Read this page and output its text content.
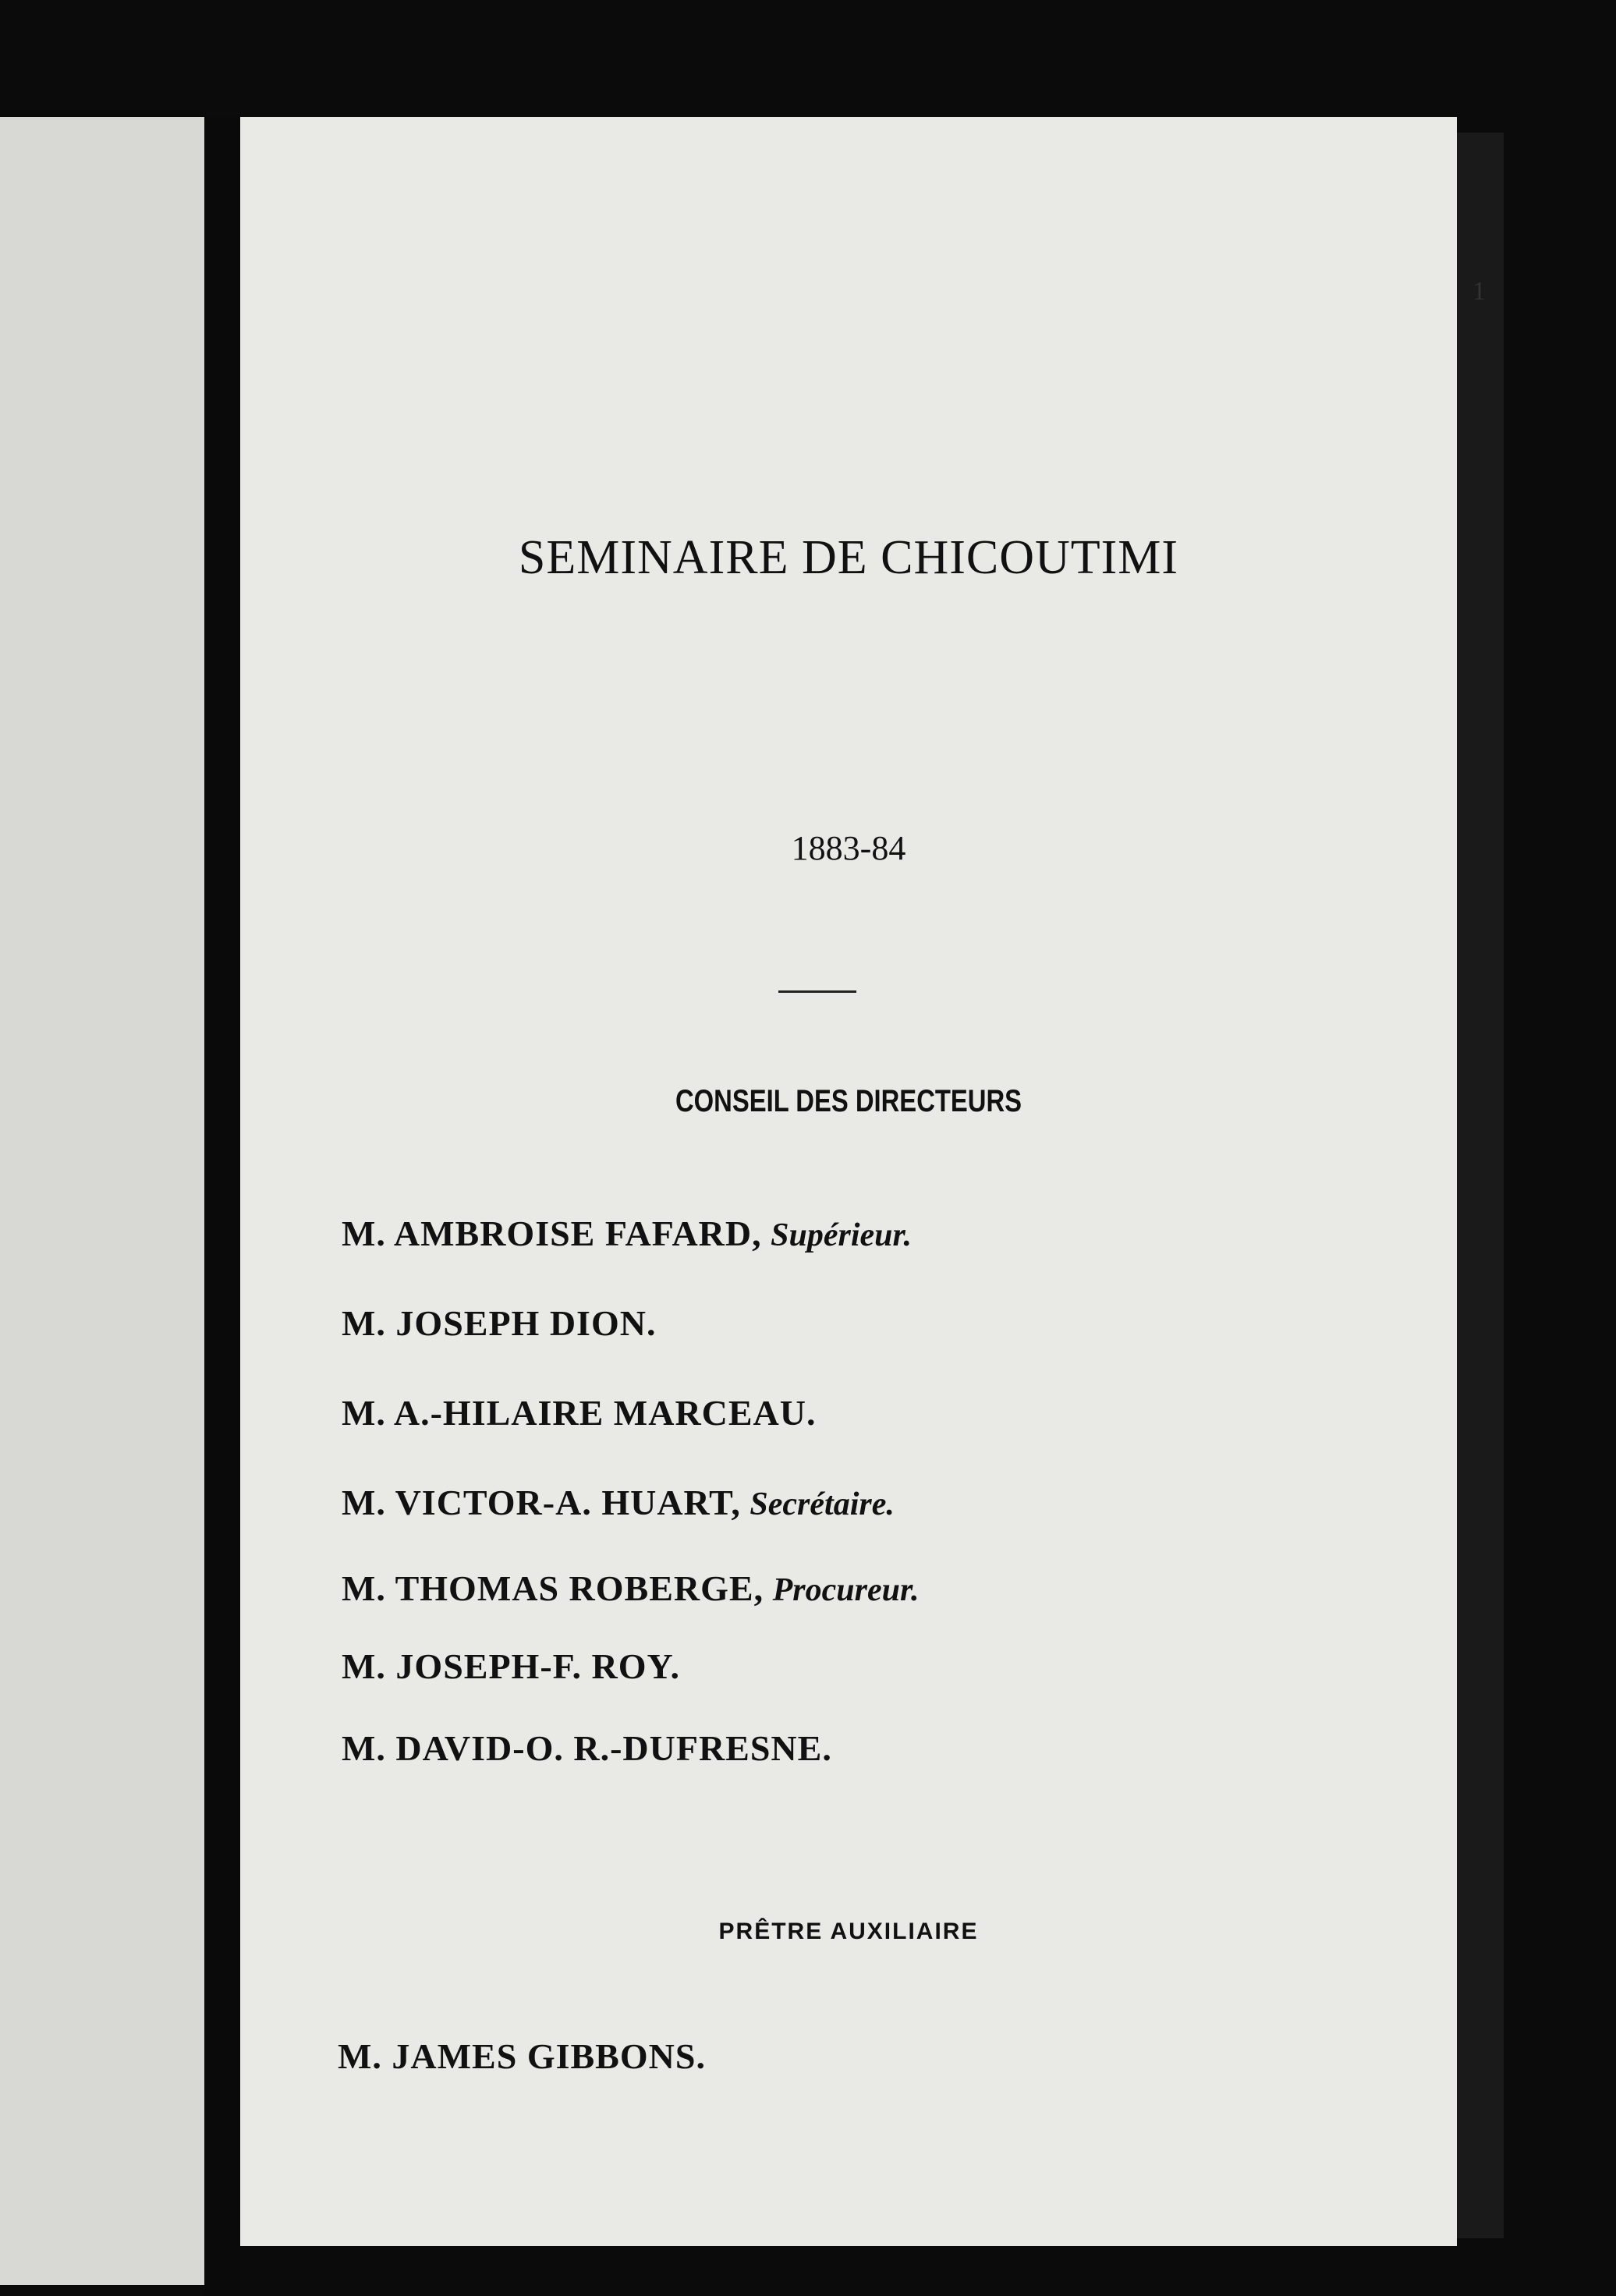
1
SEMINAIRE DE CHICOUTIMI
1883-84
CONSEIL DES DIRECTEURS
M. AMBROISE FAFARD, Supérieur.
M. JOSEPH DION.
M. A.-HILAIRE MARCEAU.
M. VICTOR-A. HUART, Secrétaire.
M. THOMAS ROBERGE, Procureur.
M. JOSEPH-F. ROY.
M. DAVID-O. R.-DUFRESNE.
PRÊTRE AUXILIAIRE
M. JAMES GIBBONS.
